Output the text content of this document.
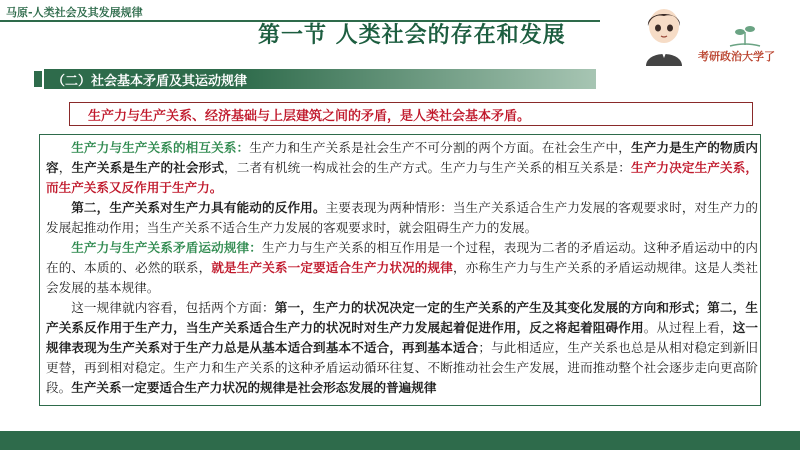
马原-人类社会及其发展规律
第一节 人类社会的存在和发展
考研政治大学了
（二）社会基本矛盾及其运动规律
生产力与生产关系、经济基础与上层建筑之间的矛盾，是人类社会基本矛盾。
生产力与生产关系的相互关系：生产力和生产关系是社会生产不可分割的两个方面。在社会生产中，生产力是生产的物质内容，生产关系是生产的社会形式，二者有机统一构成社会的生产方式。生产力与生产关系的相互关系是：生产力决定生产关系，而生产关系又反作用于生产力。
第二，生产关系对生产力具有能动的反作用。主要表现为两种情形：当生产关系适合生产力发展的客观要求时，对生产力的发展起推动作用；当生产关系不适合生产力发展的客观要求时，就会阻碍生产力的发展。
生产力与生产关系矛盾运动规律：生产力与生产关系的相互作用是一个过程，表现为二者的矛盾运动。这种矛盾运动中的内在的、本质的、必然的联系，就是生产关系一定要适合生产力状况的规律，亦称生产力与生产关系的矛盾运动规律。这是人类社会发展的基本规律。
这一规律就内容看，包括两个方面：第一，生产力的状况决定一定的生产关系的产生及其变化发展的方向和形式；第二，生产关系反作用于生产力，当生产关系适合生产力的状况时对生产力发展起着促进作用，反之将起着阻碍作用。从过程上看，这一规律表现为生产关系对于生产力总是从基本适合到基本不适合，再到基本适合；与此相适应，生产关系也总是从相对稳定到新旧更替，再到相对稳定。生产力和生产关系的这种矛盾运动循环往复、不断推动社会生产发展，进而推动整个社会逐步走向更高阶段。生产关系一定要适合生产力状况的规律是社会形态发展的普遍规律
